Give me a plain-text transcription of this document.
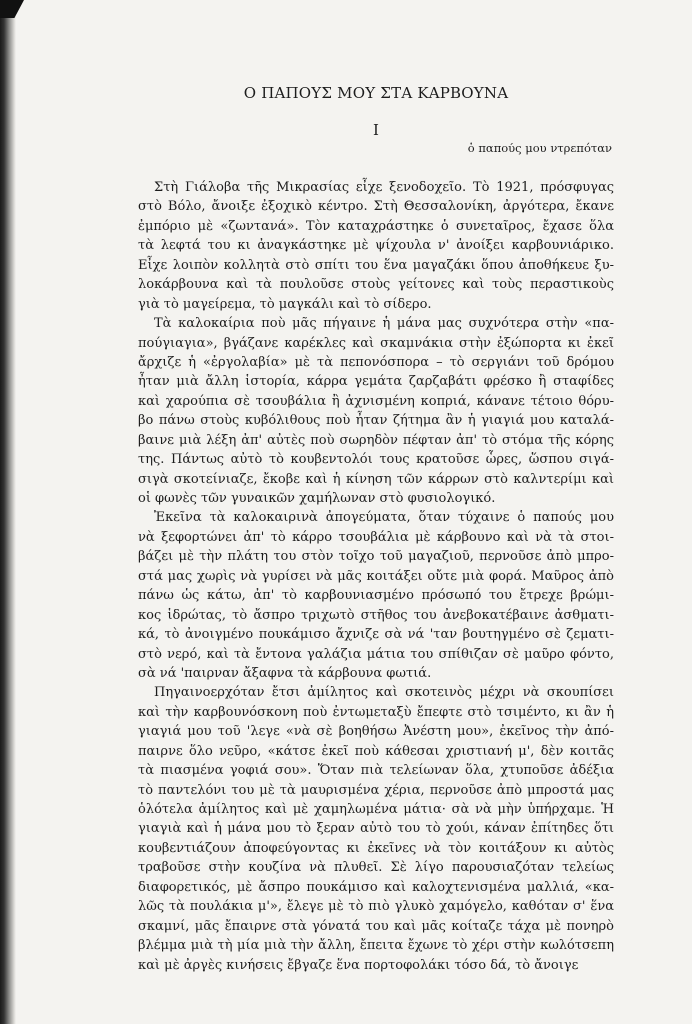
Ο ΠΑΠΟΥΣ ΜΟΥ ΣΤΑ ΚΑΡΒΟΥΝΑ
I
ὁ παπούς μου ντρεπόταν
Στὴ Γιάλοβα τῆς Μικρασίας εἶχε ξενοδοχεῖο. Τὸ 1921, πρόσφυγας
στὸ Βόλο, ἄνοιξε ἐξοχικὸ κέντρο. Στὴ Θεσσαλονίκη, ἀργότερα, ἔκανε
ἐμπόριο μὲ «ζωντανά». Τὸν καταχράστηκε ὁ συνεταῖρος, ἔχασε ὅλα
τὰ λεφτά του κι ἀναγκάστηκε μὲ ψίχουλα ν' ἀνοίξει καρβουνιάρικο.
Εἶχε λοιπὸν κολλητὰ στὸ σπίτι του ἕνα μαγαζάκι ὅπου ἀποθήκευε ξυ-
λοκάρβουνα καὶ τὰ πουλοῦσε στοὺς γείτονες καὶ τοὺς περαστικοὺς
γιὰ τὸ μαγείρεμα, τὸ μαγκάλι καὶ τὸ σίδερο.
Τὰ καλοκαίρια ποὺ μᾶς πήγαινε ἡ μάνα μας συχνότερα στὴν «πα-
πούγιαγια», βγάζανε καρέκλες καὶ σκαμνάκια στὴν ἐξώπορτα κι ἐκεῖ
ἄρχιζε ἡ «ἐργολαβία» μὲ τὰ πεπονόσπορα – τὸ σεργιάνι τοῦ δρόμου
ἦταν μιὰ ἄλλη ἱστορία, κάρρα γεμάτα ζαρζαβάτι φρέσκο ἢ σταφίδες
καὶ χαρούπια σὲ τσουβάλια ἢ ἀχνισμένη κοπριά, κάνανε τέτοιο θόρυ-
βο πάνω στοὺς κυβόλιθους ποὺ ἦταν ζήτημα ἂν ἡ γιαγιά μου καταλά-
βαινε μιὰ λέξη ἀπ' αὐτὲς ποὺ σωρηδὸν πέφταν ἀπ' τὸ στόμα τῆς κόρης
της. Πάντως αὐτὸ τὸ κουβεντολόι τους κρατοῦσε ὧρες, ὥσπου σιγά-
σιγὰ σκοτείνιαζε, ἔκοβε καὶ ἡ κίνηση τῶν κάρρων στὸ καλντερίμι καὶ
οἱ φωνὲς τῶν γυναικῶν χαμήλωναν στὸ φυσιολογικό.
Ἐκεῖνα τὰ καλοκαιρινὰ ἀπογεύματα, ὅταν τύχαινε ὁ παπούς μου
νὰ ξεφορτώνει ἀπ' τὸ κάρρο τσουβάλια μὲ κάρβουνο καὶ νὰ τὰ στοι-
βάζει μὲ τὴν πλάτη του στὸν τοῖχο τοῦ μαγαζιοῦ, περνοῦσε ἀπὸ μπρο-
στά μας χωρὶς νὰ γυρίσει νὰ μᾶς κοιτάξει οὔτε μιὰ φορά. Μαῦρος ἀπὸ
πάνω ὡς κάτω, ἀπ' τὸ καρβουνιασμένο πρόσωπό του ἔτρεχε βρώμι-
κος ἱδρώτας, τὸ ἄσπρο τριχωτὸ στῆθος του ἀνεβοκατέβαινε ἀσθματι-
κά, τὸ ἀνοιγμένο πουκάμισο ἄχνιζε σὰ νά 'ταν βουτηγμένο σὲ ζεματι-
στὸ νερό, καὶ τὰ ἔντονα γαλάζια μάτια του σπίθιζαν σὲ μαῦρο φόντο,
σὰ νά 'παιρναν ἄξαφνα τὰ κάρβουνα φωτιά.
Πηγαινοερχόταν ἔτσι ἀμίλητος καὶ σκοτεινὸς μέχρι νὰ σκουπίσει
καὶ τὴν καρβουνόσκονη ποὺ ἐντωμεταξὺ ἔπεφτε στὸ τσιμέντο, κι ἂν ἡ
γιαγιά μου τοῦ 'λεγε «νὰ σὲ βοηθήσω Ἀνέστη μου», ἐκεῖνος τὴν ἀπό-
παιρνε ὅλο νεῦρο, «κάτσε ἐκεῖ ποὺ κάθεσαι χριστιανή μ', δὲν κοιτᾶς
τὰ πιασμένα γοφιά σου». Ὅταν πιὰ τελείωναν ὅλα, χτυποῦσε ἀδέξια
τὸ παντελόνι του μὲ τὰ μαυρισμένα χέρια, περνοῦσε ἀπὸ μπροστά μας
ὁλότελα ἀμίλητος καὶ μὲ χαμηλωμένα μάτια· σὰ νὰ μὴν ὑπήρχαμε. Ἡ
γιαγιὰ καὶ ἡ μάνα μου τὸ ξεραν αὐτὸ του τὸ χούι, κάναν ἐπίτηδες ὅτι
κουβεντιάζουν ἀποφεύγοντας κι ἐκεῖνες νὰ τὸν κοιτάξουν κι αὐτὸς
τραβοῦσε στὴν κουζίνα νὰ πλυθεῖ. Σὲ λίγο παρουσιαζόταν τελείως
διαφορετικός, μὲ ἄσπρο πουκάμισο καὶ καλοχτενισμένα μαλλιά, «κα-
λῶς τὰ πουλάκια μ'», ἔλεγε μὲ τὸ πιὸ γλυκὸ χαμόγελο, καθόταν σ' ἕνα
σκαμνί, μᾶς ἔπαιρνε στὰ γόνατά του καὶ μᾶς κοίταζε τάχα μὲ πονηρὸ
βλέμμα μιὰ τὴ μία μιὰ τὴν ἄλλη, ἔπειτα ἔχωνε τὸ χέρι στὴν κωλότσεπη
καὶ μὲ ἀργὲς κινήσεις ἔβγαζε ἕνα πορτοφολάκι τόσο δά, τὸ ἄνοιγε
